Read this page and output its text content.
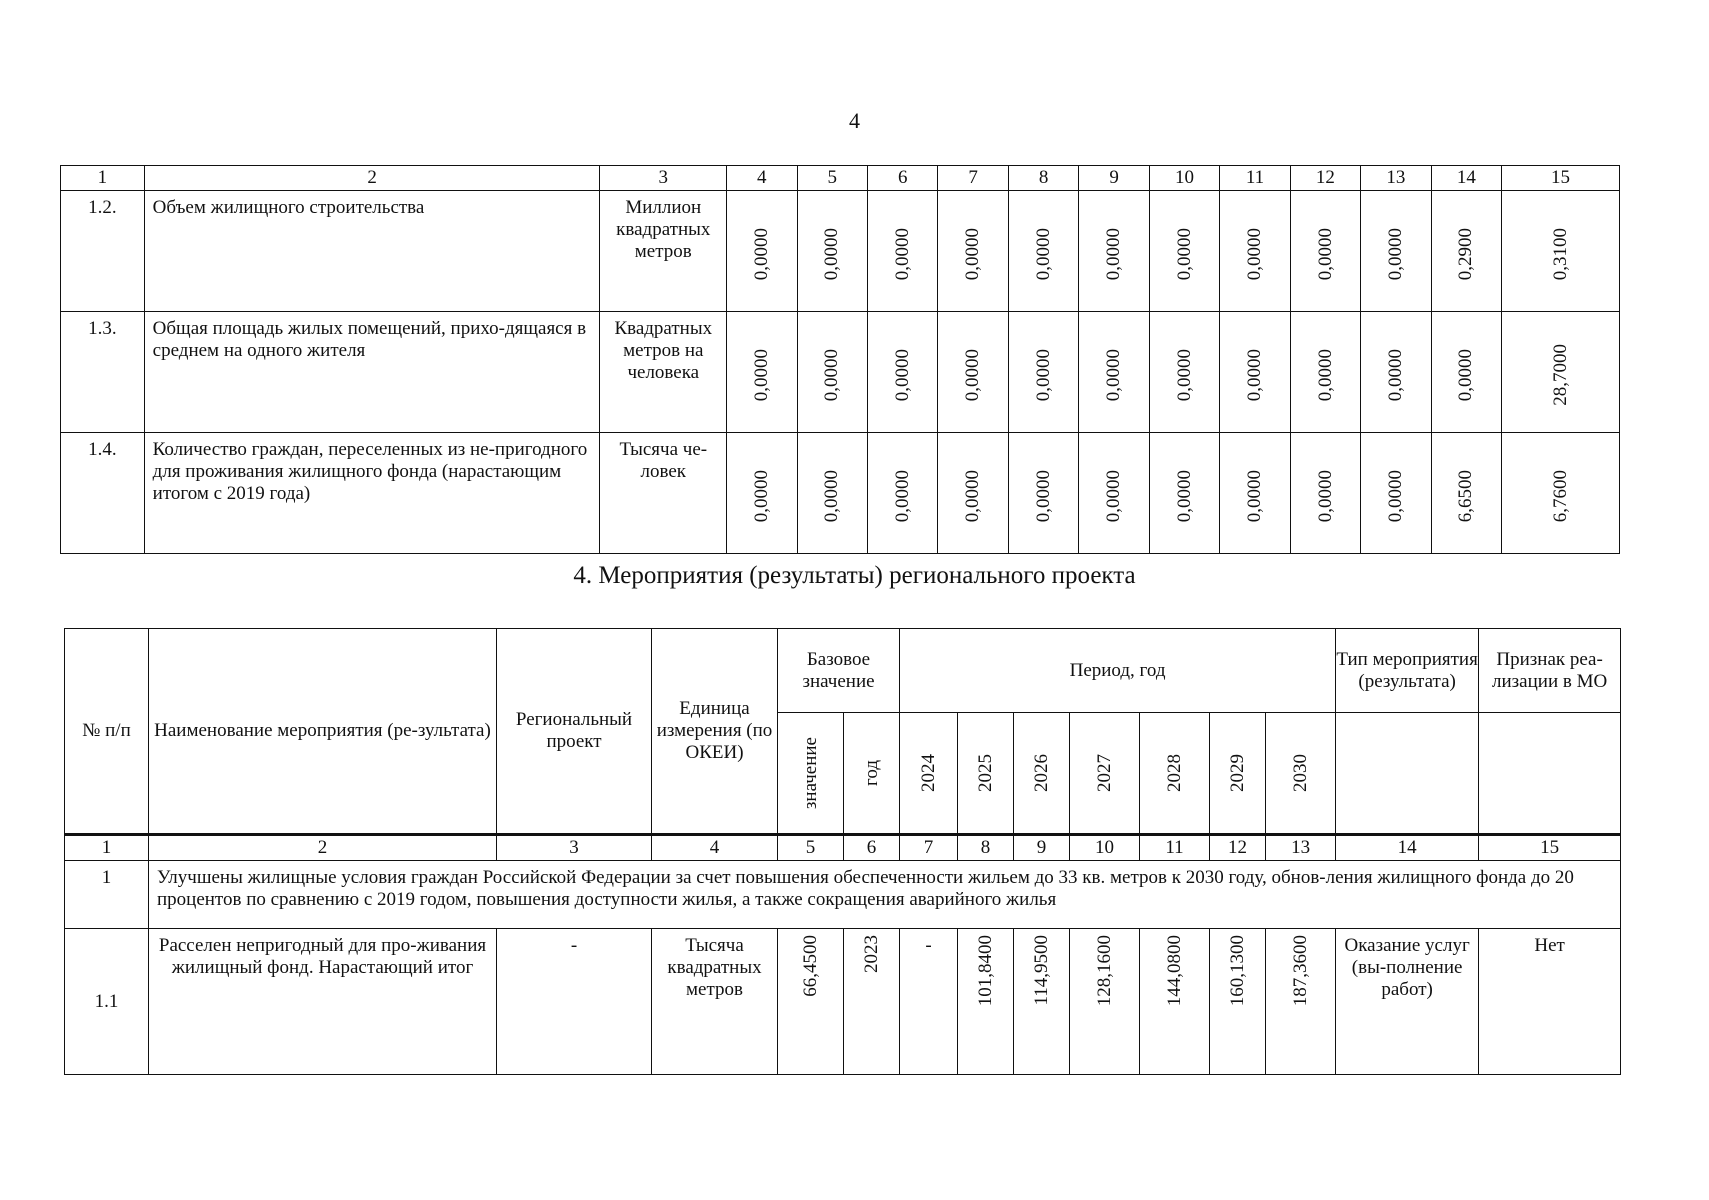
4
1	2	3	4	5	6	7	8	9	10	11	12	13	14	15
1.2.	Объем жилищного строительства	Миллион квадратных метров	0,0000	0,0000	0,0000	0,0000	0,0000	0,0000	0,0000	0,0000	0,0000	0,0000	0,2900	0,3100

1.3.	Общая площадь жилых помещений, прихо-дящаяся в среднем на одного жителя	Квадратных метров на человека	0,0000	0,0000	0,0000	0,0000	0,0000	0,0000	0,0000	0,0000	0,0000	0,0000	0,0000	28,7000

1.4.	Количество граждан, переселенных из не-пригодного для проживания жилищного фонда (нарастающим итогом с 2019 года)	Тысяча че-ловек	0,0000	0,0000	0,0000	0,0000	0,0000	0,0000	0,0000	0,0000	0,0000	0,0000	6,6500	6,7600
4. Мероприятия (результаты) регионального проекта
№ п/п	Наименование мероприятия (ре-зультата)	Региональный проект	Единица измерения (по ОКЕИ)	Базовое значение		Период, год							Тип мероприятия (результата)	Признак реа-лизации в МО

				значение	год	2024	2025	2026	2027	2028	2029	2030		

1	2	3	4	5	6	7	8	9	10	11	12	13	14	15
1	Улучшены жилищные условия граждан Российской Федерации за счет повышения обеспеченности жильем до 33 кв. метров к 2030 году, обнов-ления жилищного фонда до 20 процентов по сравнению с 2019 годом, повышения доступности жилья, а также сокращения аварийного жилья													
1.1	Расселен непригодный для про-живания жилищный фонд. Нарастающий итог	-	Тысяча квадратных метров	66,4500	2023	-	101,8400	114,9500	128,1600	144,0800	160,1300	187,3600	Оказание услуг (вы-полнение работ)	Нет
